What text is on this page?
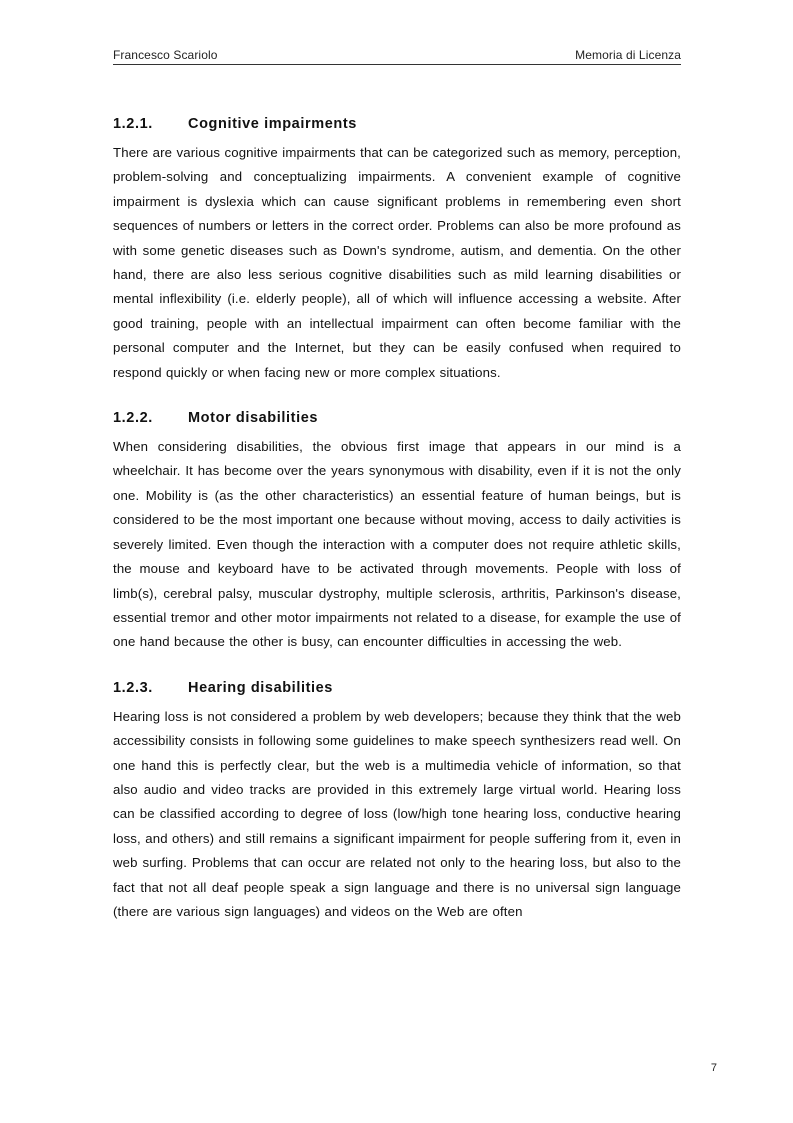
Francesco Scariolo	Memoria di Licenza
1.2.1. Cognitive impairments

There are various cognitive impairments that can be categorized such as memory, perception, problem-solving and conceptualizing impairments. A convenient example of cognitive impairment is dyslexia which can cause significant problems in remembering even short sequences of numbers or letters in the correct order. Problems can also be more profound as with some genetic diseases such as Down's syndrome, autism, and dementia. On the other hand, there are also less serious cognitive disabilities such as mild learning disabilities or mental inflexibility (i.e. elderly people), all of which will influence accessing a website. After good training, people with an intellectual impairment can often become familiar with the personal computer and the Internet, but they can be easily confused when required to respond quickly or when facing new or more complex situations.

1.2.2. Motor disabilities

When considering disabilities, the obvious first image that appears in our mind is a wheelchair. It has become over the years synonymous with disability, even if it is not the only one. Mobility is (as the other characteristics) an essential feature of human beings, but is considered to be the most important one because without moving, access to daily activities is severely limited. Even though the interaction with a computer does not require athletic skills, the mouse and keyboard have to be activated through movements. People with loss of limb(s), cerebral palsy, muscular dystrophy, multiple sclerosis, arthritis, Parkinson's disease, essential tremor and other motor impairments not related to a disease, for example the use of one hand because the other is busy, can encounter difficulties in accessing the web.

1.2.3. Hearing disabilities

Hearing loss is not considered a problem by web developers; because they think that the web accessibility consists in following some guidelines to make speech synthesizers read well. On one hand this is perfectly clear, but the web is a multimedia vehicle of information, so that also audio and video tracks are provided in this extremely large virtual world. Hearing loss can be classified according to degree of loss (low/high tone hearing loss, conductive hearing loss, and others) and still remains a significant impairment for people suffering from it, even in web surfing. Problems that can occur are related not only to the hearing loss, but also to the fact that not all deaf people speak a sign language and there is no universal sign language (there are various sign languages) and videos on the Web are often

7
